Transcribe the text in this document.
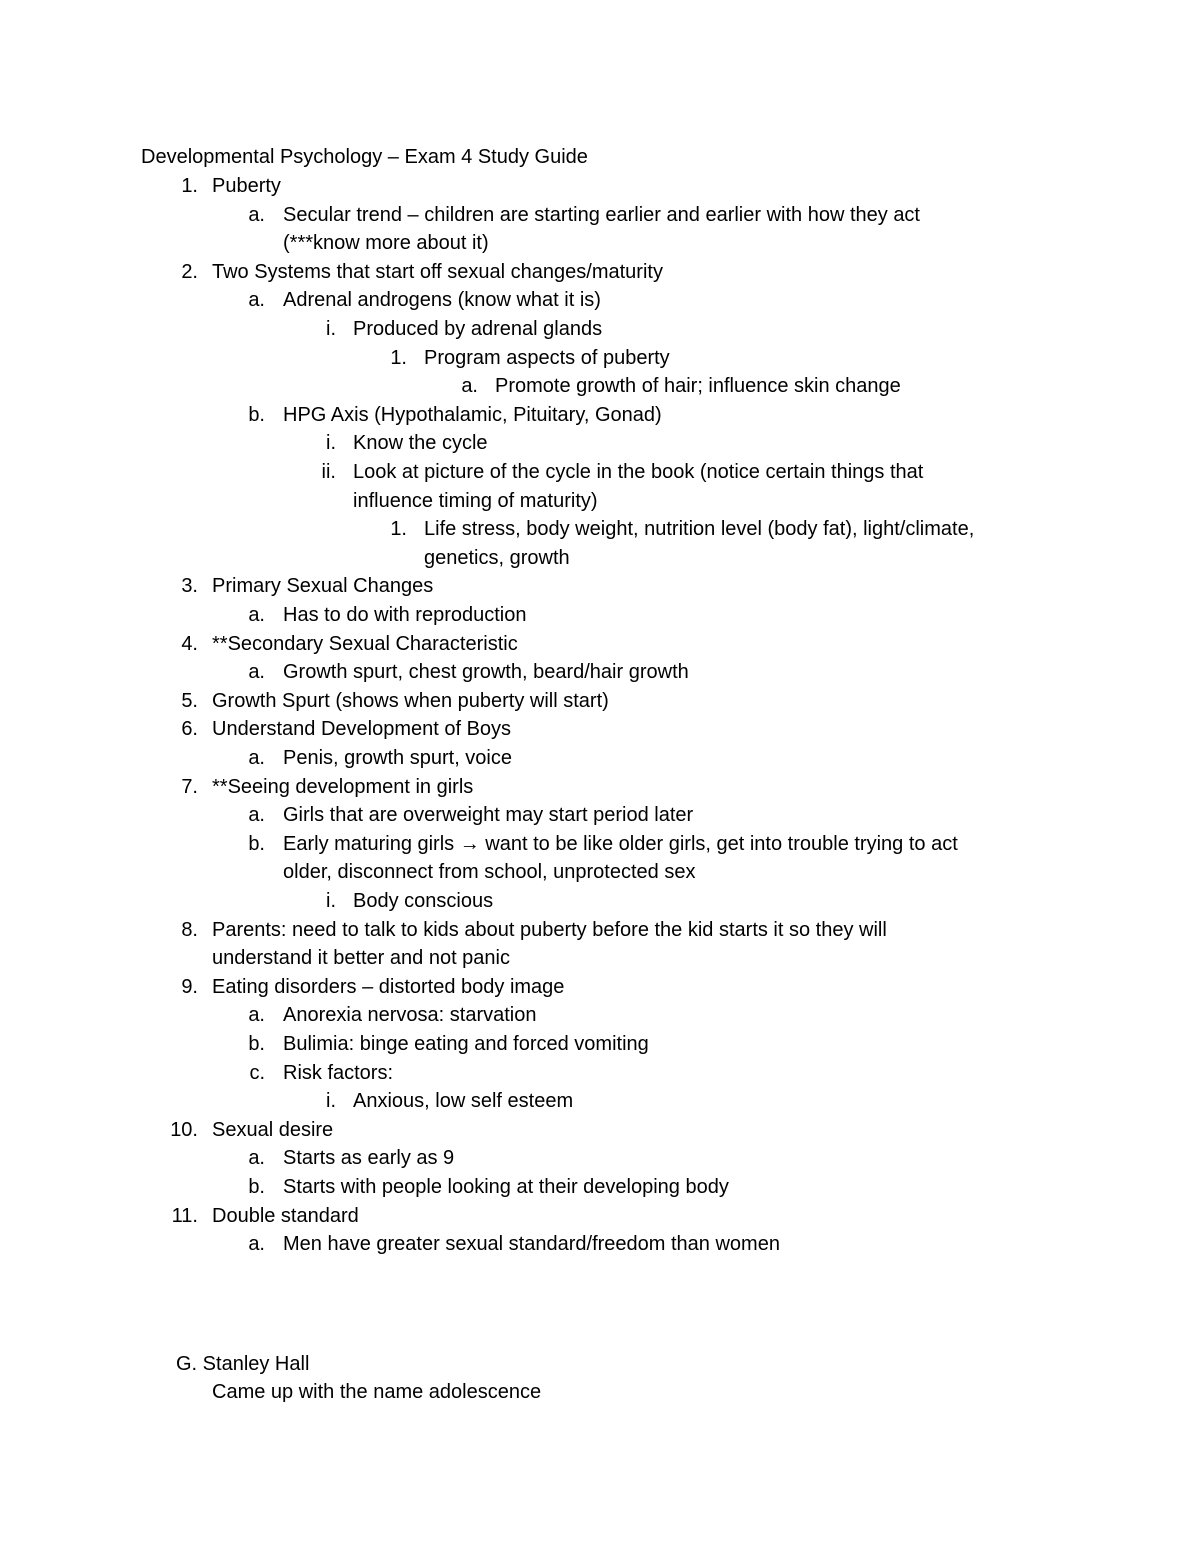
Developmental Psychology – Exam 4 Study Guide
1. Puberty
a. Secular trend – children are starting earlier and earlier with how they act
(***know more about it)
2. Two Systems that start off sexual changes/maturity
a. Adrenal androgens (know what it is)
i. Produced by adrenal glands
1. Program aspects of puberty
a. Promote growth of hair; influence skin change
b. HPG Axis (Hypothalamic, Pituitary, Gonad)
i. Know the cycle
ii. Look at picture of the cycle in the book (notice certain things that
influence timing of maturity)
1. Life stress, body weight, nutrition level (body fat), light/climate,
genetics, growth
3. Primary Sexual Changes
a. Has to do with reproduction
4. **Secondary Sexual Characteristic
a. Growth spurt, chest growth, beard/hair growth
5. Growth Spurt (shows when puberty will start)
6. Understand Development of Boys
a. Penis, growth spurt, voice
7. **Seeing development in girls
a. Girls that are overweight may start period later
b. Early maturing girls → want to be like older girls, get into trouble trying to act
older, disconnect from school, unprotected sex
i. Body conscious
8. Parents: need to talk to kids about puberty before the kid starts it so they will
understand it better and not panic
9. Eating disorders – distorted body image
a. Anorexia nervosa: starvation
b. Bulimia: binge eating and forced vomiting
c. Risk factors:
i. Anxious, low self esteem
10. Sexual desire
a. Starts as early as 9
b. Starts with people looking at their developing body
11. Double standard
a. Men have greater sexual standard/freedom than women
G. Stanley Hall
Came up with the name adolescence
